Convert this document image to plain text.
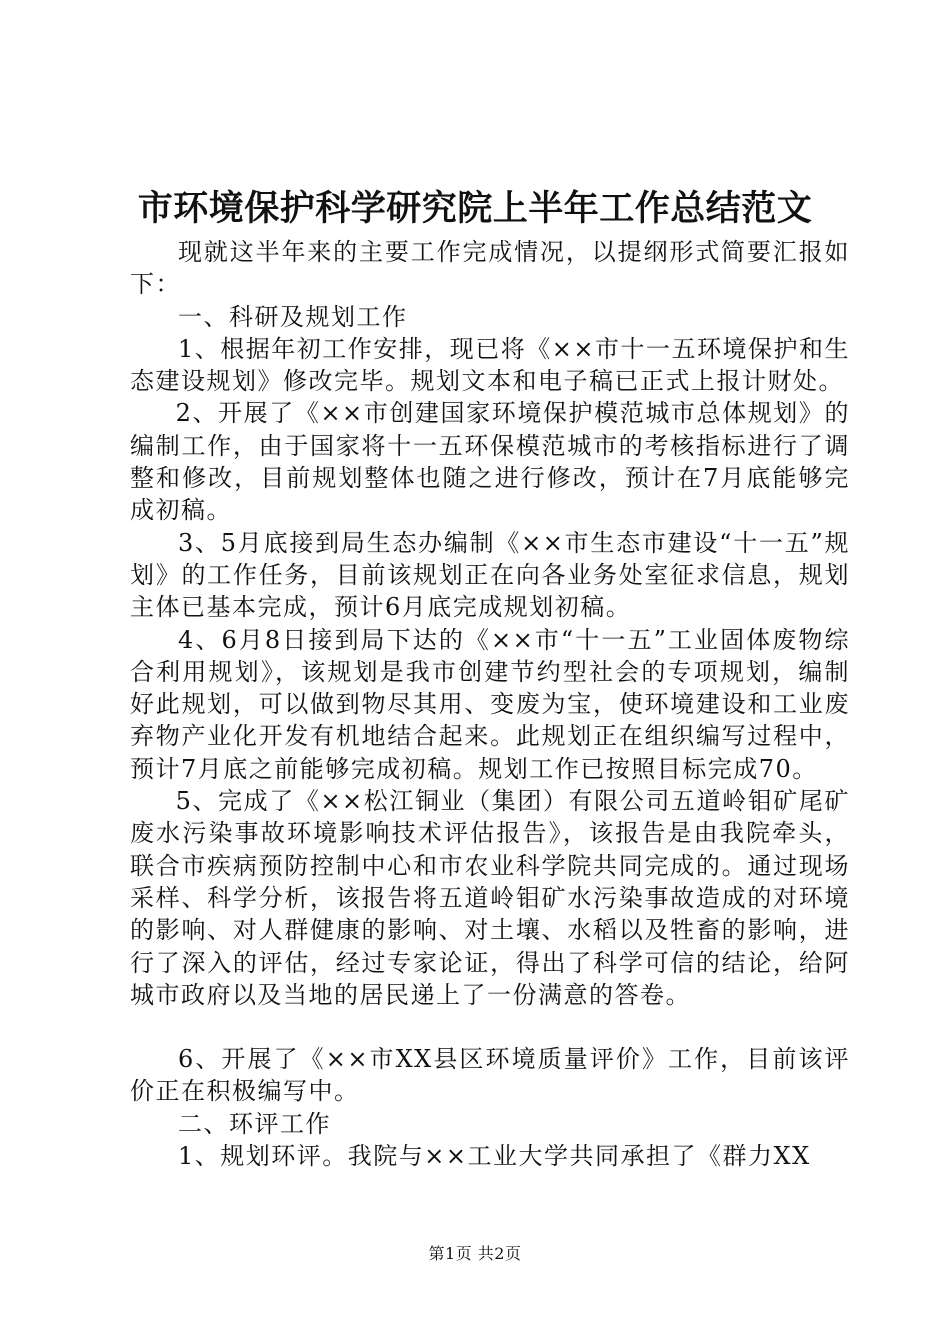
市环境保护科学研究院上半年工作总结范文

现就这半年来的主要工作完成情况，以提纲形式简要汇报如下：

一、科研及规划工作

1、根据年初工作安排，现已将《××市十一五环境保护和生态建设规划》修改完毕。规划文本和电子稿已正式上报计财处。

2、开展了《××市创建国家环境保护模范城市总体规划》的编制工作，由于国家将十一五环保模范城市的考核指标进行了调整和修改，目前规划整体也随之进行修改，预计在7月底能够完成初稿。

3、5月底接到局生态办编制《××市生态市建设“十一五”规划》的工作任务，目前该规划正在向各业务处室征求信息，规划主体已基本完成，预计6月底完成规划初稿。

4、6月8日接到局下达的《××市“十一五”工业固体废物综合利用规划》，该规划是我市创建节约型社会的专项规划，编制好此规划，可以做到物尽其用、变废为宝，使环境建设和工业废弃物产业化开发有机地结合起来。此规划正在组织编写过程中，预计7月底之前能够完成初稿。规划工作已按照目标完成70。

5、完成了《××松江铜业（集团）有限公司五道岭钼矿尾矿废水污染事故环境影响技术评估报告》，该报告是由我院牵头，联合市疾病预防控制中心和市农业科学院共同完成的。通过现场采样、科学分析，该报告将五道岭钼矿水污染事故造成的对环境的影响、对人群健康的影响、对土壤、水稻以及牲畜的影响，进行了深入的评估，经过专家论证，得出了科学可信的结论，给阿城市政府以及当地的居民递上了一份满意的答卷。

6、开展了《××市XX县区环境质量评价》工作，目前该评价正在积极编写中。

二、环评工作

1、规划环评。我院与××工业大学共同承担了《群力XX

第1页 共2页
